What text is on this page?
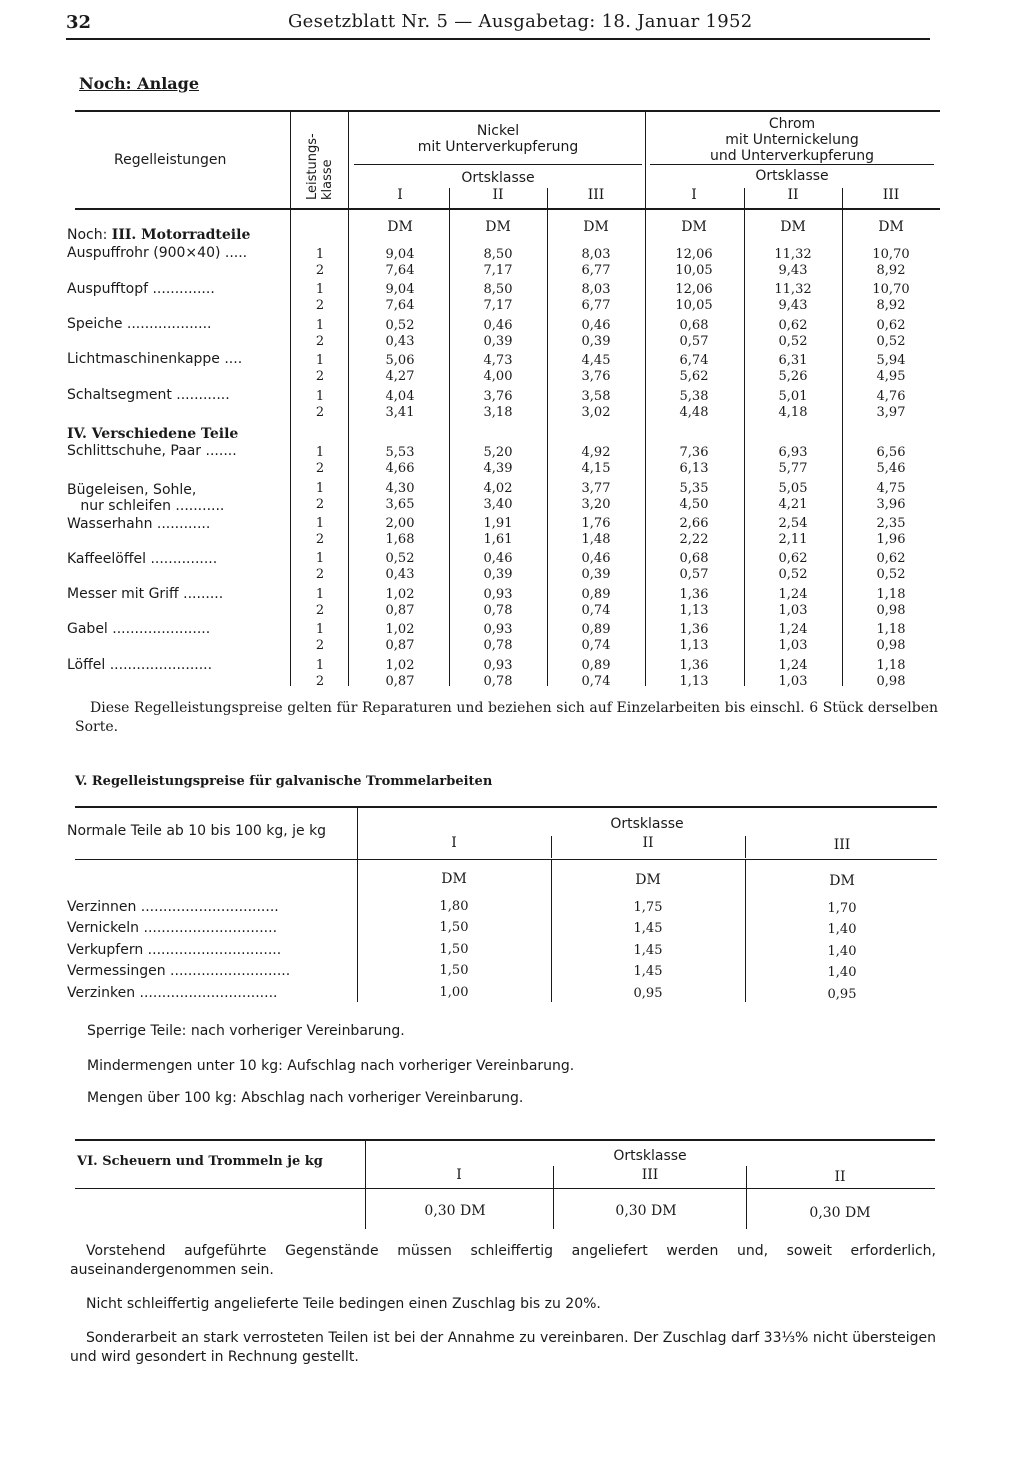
32	Gesetzblatt Nr. 5 — Ausgabetag: 18. Januar 1952
Noch: Anlage
Regelleistungen	Leistungs-
klasse
Nickel
mit Unterverkupferung
Chrom
mit Unternickelung
und Unterverkupferung
Ortsklasse	Ortsklasse
I	II	III	I	II	III
DM	DM	DM	DM	DM	DM
Noch: III. Motorradteile
IV. Verschiedene Teile
Auspuffrohr (900×40) .....	1	9,04	8,50	8,03	12,06	11,32	10,70
2	7,64	7,17	6,77	10,05	9,43	8,92
Auspufftopf ..............	1	9,04	8,50	8,03	12,06	11,32	10,70
2	7,64	7,17	6,77	10,05	9,43	8,92
Speiche ...................	1	0,52	0,46	0,46	0,68	0,62	0,62
2	0,43	0,39	0,39	0,57	0,52	0,52
Lichtmaschinenkappe ....	1	5,06	4,73	4,45	6,74	6,31	5,94
2	4,27	4,00	3,76	5,62	5,26	4,95
Schaltsegment ............	1	4,04	3,76	3,58	5,38	5,01	4,76
2	3,41	3,18	3,02	4,48	4,18	3,97
Schlittschuhe, Paar .......	1	5,53	5,20	4,92	7,36	6,93	6,56
2	4,66	4,39	4,15	6,13	5,77	5,46
Bügeleisen, Sohle,
nur schleifen ...........
1	4,30	4,02	3,77	5,35	5,05	4,75
2	3,65	3,40	3,20	4,50	4,21	3,96
Wasserhahn ............	1	2,00	1,91	1,76	2,66	2,54	2,35
2	1,68	1,61	1,48	2,22	2,11	1,96
Kaffeelöffel ...............	1	0,52	0,46	0,46	0,68	0,62	0,62
2	0,43	0,39	0,39	0,57	0,52	0,52
Messer mit Griff .........	1	1,02	0,93	0,89	1,36	1,24	1,18
2	0,87	0,78	0,74	1,13	1,03	0,98
Gabel ......................	1	1,02	0,93	0,89	1,36	1,24	1,18
2	0,87	0,78	0,74	1,13	1,03	0,98
Löffel .......................	1	1,02	0,93	0,89	1,36	1,24	1,18
2	0,87	0,78	0,74	1,13	1,03	0,98
Diese Regelleistungspreise gelten für Reparaturen und beziehen sich auf Einzelarbeiten bis einschl. 6 Stück derselben Sorte.
V. Regelleistungspreise für galvanische Trommelarbeiten
Normale Teile ab 10 bis 100 kg, je kg	Ortsklasse
I	II	III
DM	DM	DM
Verzinnen ...............................	1,80	1,75	1,70
Vernickeln ..............................	1,50	1,45	1,40
Verkupfern ..............................	1,50	1,45	1,40
Vermessingen ...........................	1,50	1,45	1,40
Verzinken ...............................	1,00	0,95	0,95
Sperrige Teile: nach vorheriger Vereinbarung.
Mindermengen unter 10 kg: Aufschlag nach vorheriger Vereinbarung.
Mengen über 100 kg: Abschlag nach vorheriger Vereinbarung.
VI. Scheuern und Trommeln je kg	Ortsklasse
I	III	II
0,30 DM	0,30 DM	0,30 DM
Vorstehend aufgeführte Gegenstände müssen schleiffertig angeliefert werden und, soweit erforderlich, auseinandergenommen sein.
Nicht schleiffertig angelieferte Teile bedingen einen Zuschlag bis zu 20%.
Sonderarbeit an stark verrosteten Teilen ist bei der Annahme zu vereinbaren. Der Zuschlag darf 33⅓% nicht übersteigen und wird gesondert in Rechnung gestellt.
